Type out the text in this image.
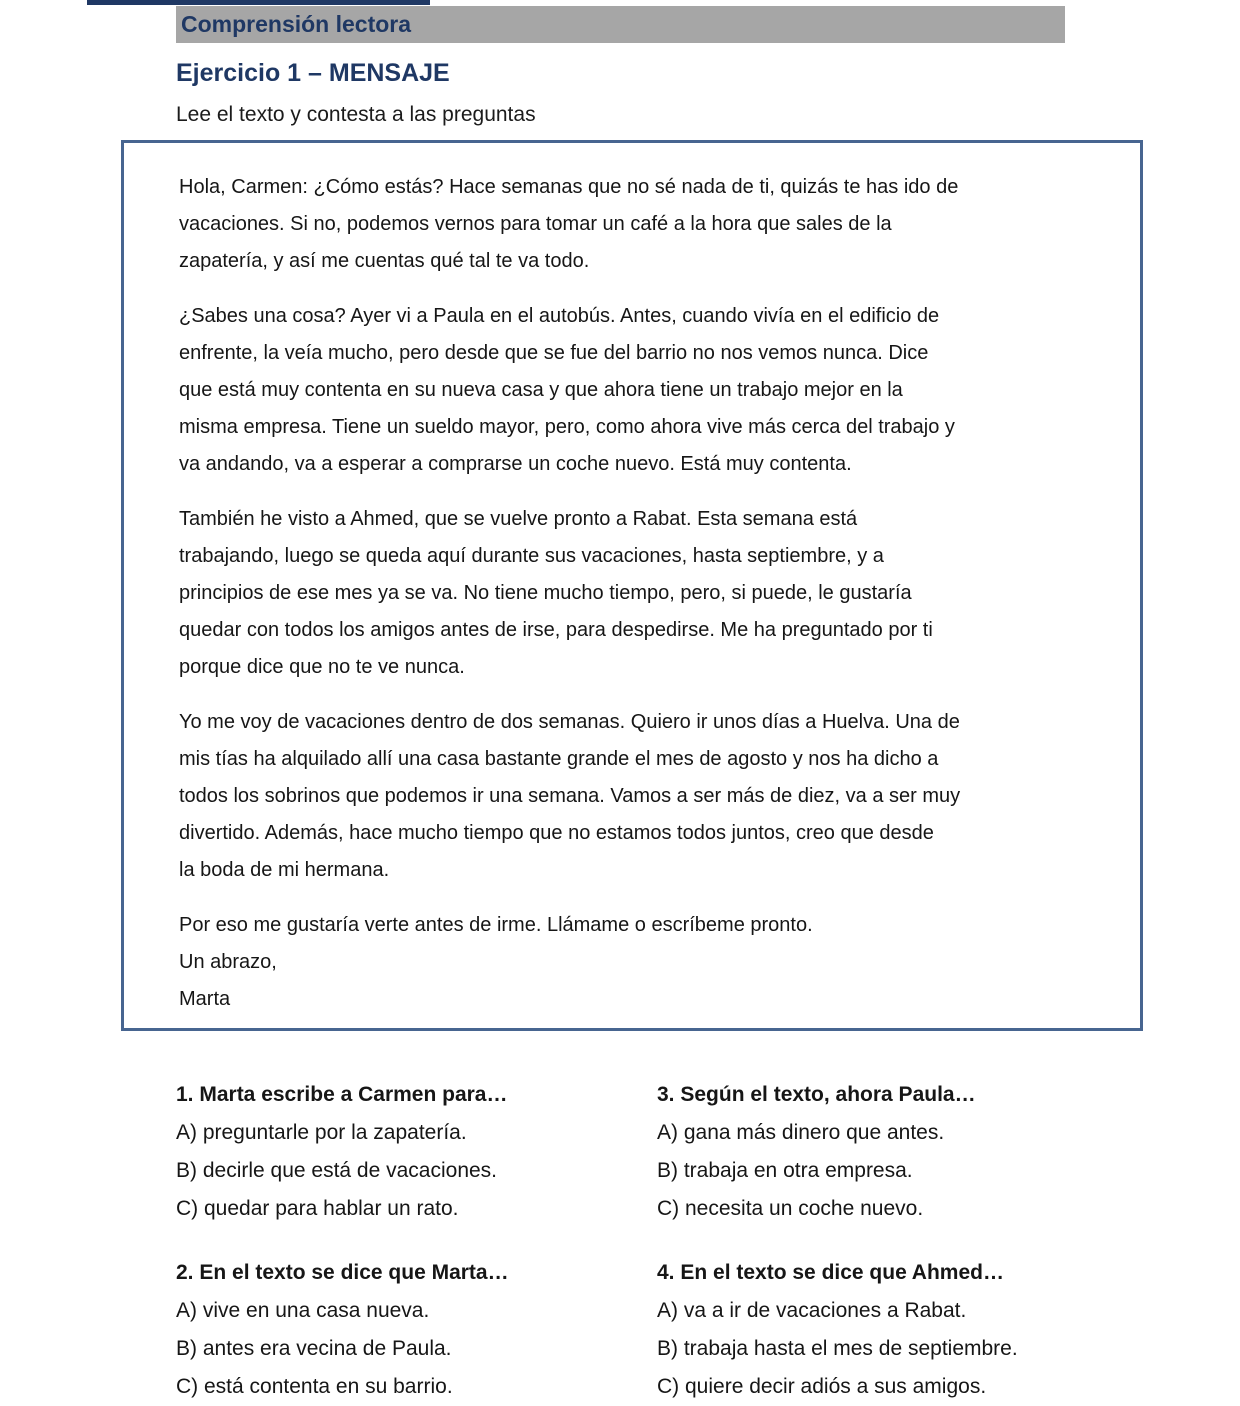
Comprensión lectora
Ejercicio 1 – MENSAJE
Lee el texto y contesta a las preguntas

Hola, Carmen: ¿Cómo estás? Hace semanas que no sé nada de ti, quizás te has ido de
vacaciones. Si no, podemos vernos para tomar un café a la hora que sales de la
zapatería, y así me cuentas qué tal te va todo.

¿Sabes una cosa? Ayer vi a Paula en el autobús. Antes, cuando vivía en el edificio de
enfrente, la veía mucho, pero desde que se fue del barrio no nos vemos nunca. Dice
que está muy contenta en su nueva casa y que ahora tiene un trabajo mejor en la
misma empresa. Tiene un sueldo mayor, pero, como ahora vive más cerca del trabajo y
va andando, va a esperar a comprarse un coche nuevo. Está muy contenta.

También he visto a Ahmed, que se vuelve pronto a Rabat. Esta semana está
trabajando, luego se queda aquí durante sus vacaciones, hasta septiembre, y a
principios de ese mes ya se va. No tiene mucho tiempo, pero, si puede, le gustaría
quedar con todos los amigos antes de irse, para despedirse. Me ha preguntado por ti
porque dice que no te ve nunca.

Yo me voy de vacaciones dentro de dos semanas. Quiero ir unos días a Huelva. Una de
mis tías ha alquilado allí una casa bastante grande el mes de agosto y nos ha dicho a
todos los sobrinos que podemos ir una semana. Vamos a ser más de diez, va a ser muy
divertido. Además, hace mucho tiempo que no estamos todos juntos, creo que desde
la boda de mi hermana.

Por eso me gustaría verte antes de irme. Llámame o escríbeme pronto.
Un abrazo,
Marta

1. Marta escribe a Carmen para…
A) preguntarle por la zapatería.
B) decirle que está de vacaciones.
C) quedar para hablar un rato.
3. Según el texto, ahora Paula…
A) gana más dinero que antes.
B) trabaja en otra empresa.
C) necesita un coche nuevo.
2. En el texto se dice que Marta…
A) vive en una casa nueva.
B) antes era vecina de Paula.
C) está contenta en su barrio.
4. En el texto se dice que Ahmed…
A) va a ir de vacaciones a Rabat.
B) trabaja hasta el mes de septiembre.
C) quiere decir adiós a sus amigos.
